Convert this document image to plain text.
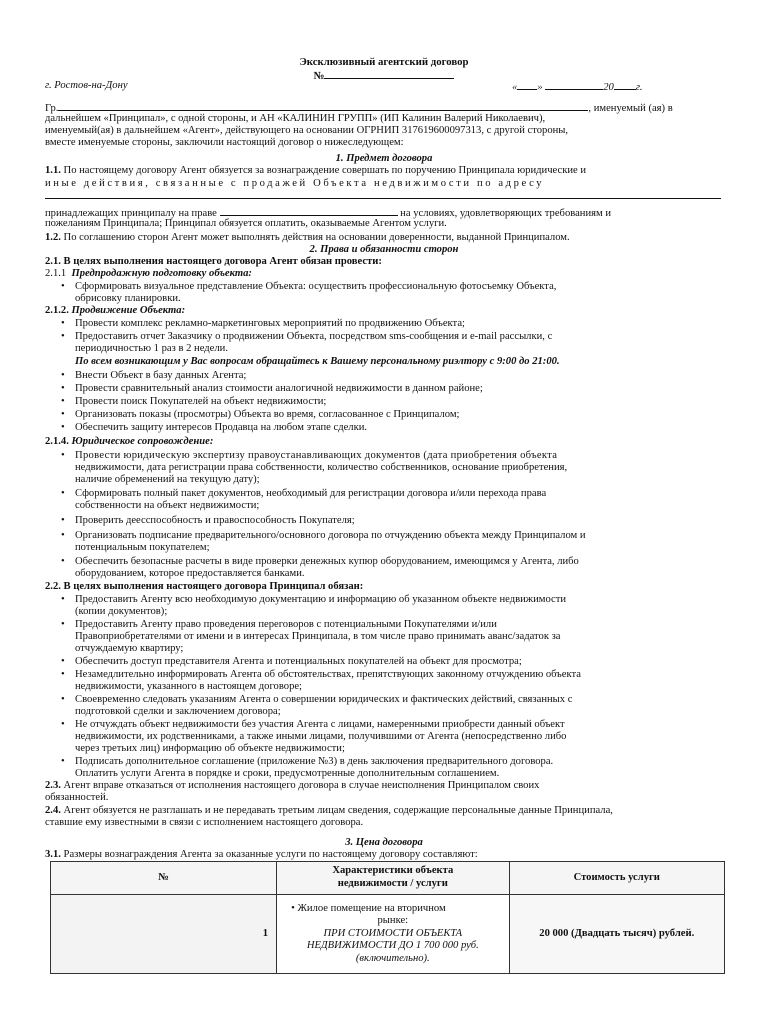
Эксклюзивный агентский договор
№
г. Ростов-на-Дону	« »	20 г.
Гр.	, именуемый (ая) в
дальнейшем «Принципал», с одной стороны, и АН «КАЛИНИН ГРУПП» (ИП Калинин Валерий Николаевич),
именуемый(ая) в дальнейшем «Агент», действующего на основании ОГРНИП 317619600097313, с другой стороны,
вместе именуемые стороны, заключили настоящий договор о нижеследующем:
1. Предмет договора
1.1. По настоящему договору Агент обязуется за вознаграждение совершать по поручению Принципала юридические и
иные действия, связанные с продажей Объекта недвижимости по адресу
принадлежащих принципалу на праве	на условиях, удовлетворяющих требованиям и
пожеланиям Принципала; Принципал обязуется оплатить, оказываемые Агентом услуги.
1.2. По соглашению сторон Агент может выполнять действия на основании доверенности, выданной Принципалом.
2. Права и обязанности сторон
2.1. В целях выполнения настоящего договора Агент обязан провести:
2.1.1 Предпродажную подготовку объекта:
• Сформировать визуальное представление Объекта: осуществить профессиональную фотосъемку Объекта,
обрисовку планировки.
2.1.2. Продвижение Объекта:
• Провести комплекс рекламно-маркетинговых мероприятий по продвижению Объекта;
• Предоставить отчет Заказчику о продвижении Объекта, посредством sms-сообщения и e-mail рассылки, с
периодичностью 1 раз в 2 недели.
По всем возникающим у Вас вопросам обращайтесь к Вашему персональному риэлтору с 9:00 до 21:00.
• Внести Объект в базу данных Агента;
• Провести сравнительный анализ стоимости аналогичной недвижимости в данном районе;
• Провести поиск Покупателей на объект недвижимости;
• Организовать показы (просмотры) Объекта во время, согласованное с Принципалом;
• Обеспечить защиту интересов Продавца на любом этапе сделки.
2.1.4. Юридическое сопровождение:
• Провести юридическую экспертизу правоустанавливающих документов (дата приобретения объекта
недвижимости, дата регистрации права собственности, количество собственников, основание приобретения,
наличие обременений на текущую дату);
• Сформировать полный пакет документов, необходимый для регистрации договора и/или перехода права
собственности на объект недвижимости;
• Проверить деесспособность и правоспособность Покупателя;
• Организовать подписание предварительного/основного договора по отчуждению объекта между Принципалом и
потенциальным покупателем;
• Обеспечить безопасные расчеты в виде проверки денежных купюр оборудованием, имеющимся у Агента, либо
оборудованием, которое предоставляется банками.
2.2. В целях выполнения настоящего договора Принципал обязан:
• Предоставить Агенту всю необходимую документацию и информацию об указанном объекте недвижимости
(копии документов);
• Предоставить Агенту право проведения переговоров с потенциальными Покупателями и/или
Правоприобретателями от имени и в интересах Принципала, в том числе право принимать аванс/задаток за
отчуждаемую квартиру;
• Обеспечить доступ представителя Агента и потенциальных покупателей на объект для просмотра;
• Незамедлительно информировать Агента об обстоятельствах, препятствующих законному отчуждению объекта
недвижимости, указанного в настоящем договоре;
• Своевременно следовать указаниям Агента о совершении юридических и фактических действий, связанных с
подготовкой сделки и заключением договора;
• Не отчуждать объект недвижимости без участия Агента с лицами, намеренными приобрести данный объект
недвижимости, их родственниками, а также иными лицами, получившими от Агента (непосредственно либо
через третьих лиц) информацию об объекте недвижимости;
• Подписать дополнительное соглашение (приложение №3) в день заключения предварительного договора.
Оплатить услуги Агента в порядке и сроки, предусмотренные дополнительным соглашением.
2.3. Агент вправе отказаться от исполнения настоящего договора в случае неисполнения Принципалом своих
обязанностей.
2.4. Агент обязуется не разглашать и не передавать третьим лицам сведения, содержащие персональные данные Принципала,
ставшие ему известными в связи с исполнением настоящего договора.
3. Цена договора
3.1. Размеры вознаграждения Агента за оказанные услуги по настоящему договору составляют:
№	Характеристики объекта
недвижимости / услуги	Стоимость услуги
1	• Жилое помещение на вторичном
рынке:
ПРИ СТОИМОСТИ ОБЪЕКТА
НЕДВИЖИМОСТИ ДО 1 700 000 руб.
(включительно).	20 000 (Двадцать тысяч) рублей.
